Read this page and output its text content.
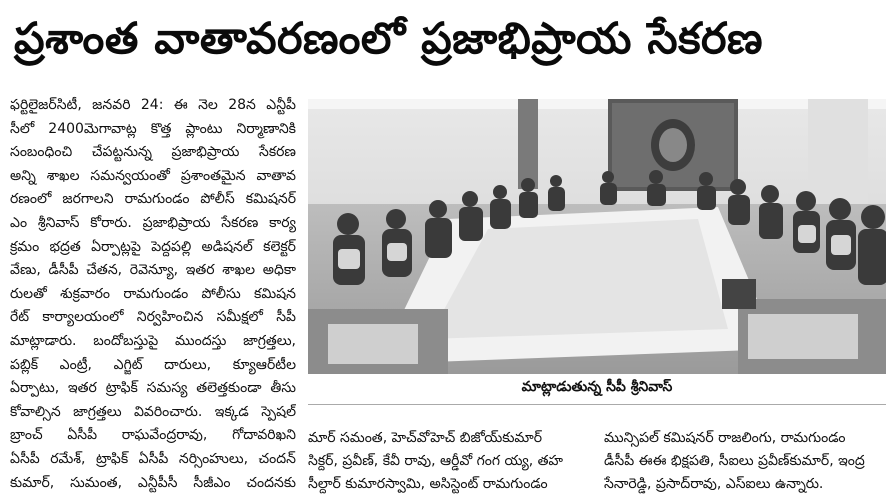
ప్రశాంత వాతావరణంలో ప్రజాభిప్రాయ సేకరణ
ఫర్టిలైజర్‌సిటీ, జనవరి 24: ఈ నెల 28న ఎన్టీపీ
సీలో 2400మెగావాట్ల కొత్త ప్లాంటు నిర్మాణానికి
సంబంధించి చేపట్టనున్న ప్రజాభిప్రాయ సేకరణ
అన్ని శాఖల సమన్వయంతో ప్రశాంతమైన వాతావ
రణంలో జరగాలని రామగుండం పోలీస్ కమిషనర్
ఎం శ్రీనివాస్ కోరారు. ప్రజాభిప్రాయ సేకరణ కార్య
క్రమం భద్రత ఏర్పాట్లపై పెద్దపల్లి అడిషనల్ కలెక్టర్
వేణు, డీసీపీ చేతన, రెవెన్యూ, ఇతర శాఖల అధికా
రులతో శుక్రవారం రామగుండం పోలీసు కమిషన
రేట్ కార్యాలయంలో నిర్వహించిన సమీక్షలో సీపీ
మాట్లాడారు. బందోబస్తుపై ముందస్తు జాగ్రత్తలు,
పబ్లిక్ ఎంట్రీ, ఎగ్జిట్ దారులు, క్యూఆర్‌టీల
ఏర్పాటు, ఇతర ట్రాఫిక్ సమస్య తలెత్తకుండా తీసు
కోవాల్సిన జాగ్రత్తలు వివరించారు. ఇక్కడ స్పెషల్
బ్రాంచ్ ఏసీపీ రాఘవేంద్రరావు, గోదావరిఖని
ఏసీపీ రమేశ్, ట్రాఫిక్ ఏసీపీ నర్సింహులు, చందన్
కుమార్, సుమంత, ఎన్టీపీసీ సీజీఎం చందనకు
మాట్లాడుతున్న సీపీ శ్రీనివాస్
మార్ సమంత, హెచ్‌వోహెచ్ బిజోయ్‌కుమార్
సిక్దర్, ప్రవీణ్, కేవీ రావు, ఆర్డీవో గంగ య్య, తహ
సీల్దార్ కుమారస్వామి, అసిస్టెంట్ రామగుండం
మున్సిపల్ కమిషనర్ రాజలింగు, రామగుండం
డీసీపీ ఈఈ భిక్షపతి, సీఐలు ప్రవీణ్‌కుమార్, ఇంద్ర
సేనారెడ్డి, ప్రసాద్‌రావు, ఎస్ఐలు ఉన్నారు.
